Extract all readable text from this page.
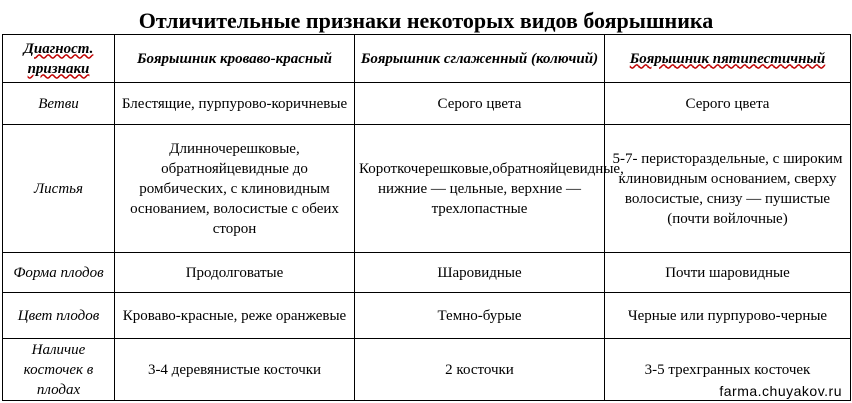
Отличительные признаки некоторых видов боярышника
Диагност. признаки	Боярышник кроваво-красный	Боярышник сглаженный (колючий)	Боярышник пятипестичный
Ветви	Блестящие, пурпурово-коричневые	Серого цвета	Серого цвета
Листья	Длинночерешковые, обратнояйцевидные до ромбических, с клиновидным основанием, волосистые с обеих сторон	Короткочерешковые,обратнояйцевидные, нижние — цельные, верхние — трехлопастные	5-7- перистораздельные, с широким клиновидным основанием, сверху волосистые, снизу — пушистые (почти войлочные)
Форма плодов	Продолговатые	Шаровидные	Почти шаровидные
Цвет плодов	Кроваво-красные, реже оранжевые	Темно-бурые	Черные или пурпурово-черные
Наличие косточек в плодах	3-4 деревянистые косточки	2 косточки	3-5 трехгранных косточек
farma.chuyakov.ru
